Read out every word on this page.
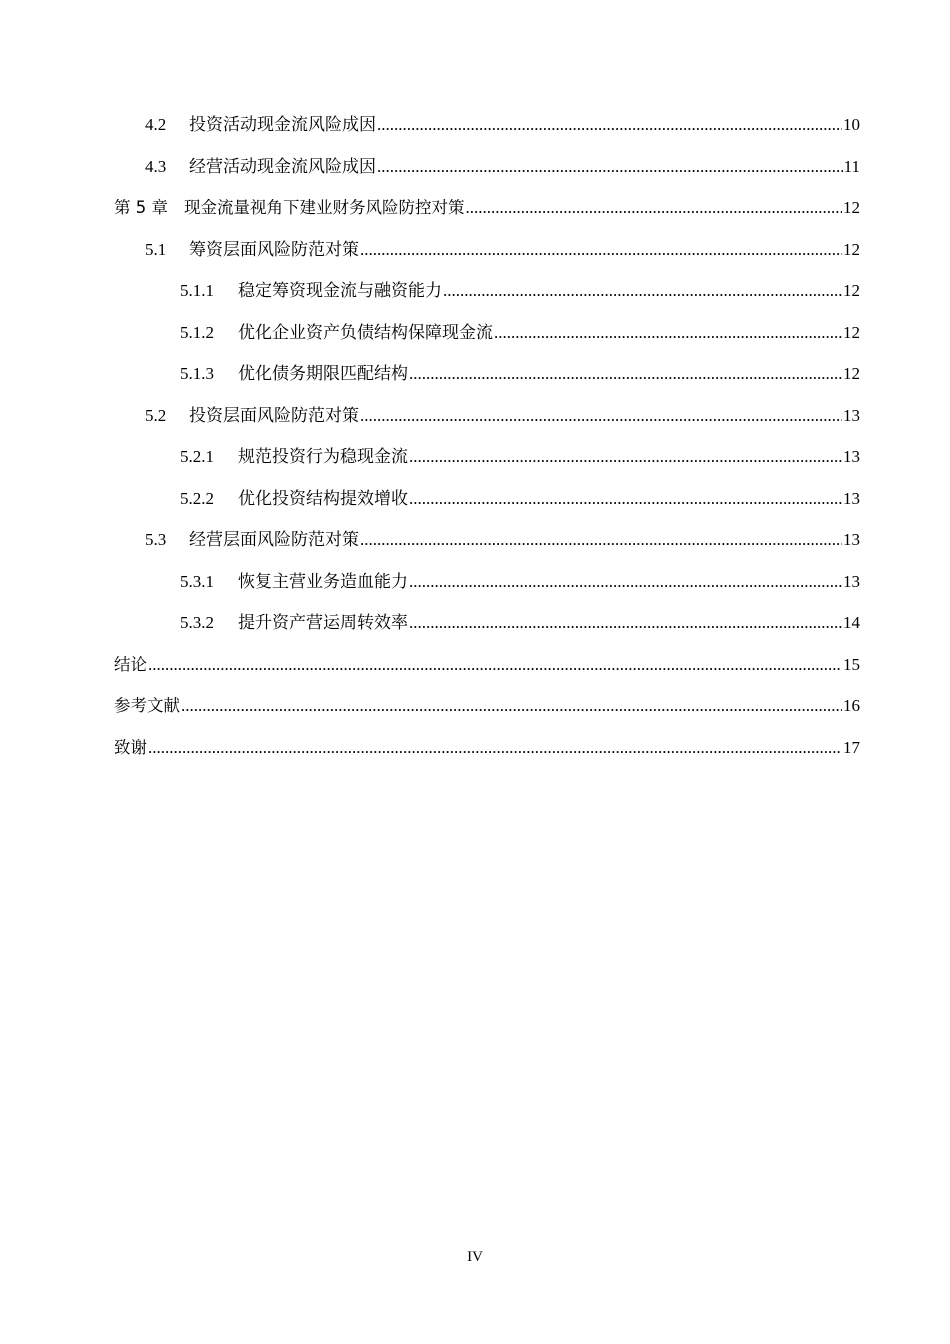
4.2 投资活动现金流风险成因 .....	10
4.3 经营活动现金流风险成因 .....	11
第 5 章 现金流量视角下建业财务风险防控对策 .....	12
5.1 筹资层面风险防范对策 .....	12
5.1.1 稳定筹资现金流与融资能力 .....	12
5.1.2 优化企业资产负债结构保障现金流 .....	12
5.1.3 优化债务期限匹配结构 .....	12
5.2 投资层面风险防范对策 .....	13
5.2.1 规范投资行为稳现金流 .....	13
5.2.2 优化投资结构提效增收 .....	13
5.3 经营层面风险防范对策 .....	13
5.3.1 恢复主营业务造血能力 .....	13
5.3.2 提升资产营运周转效率 .....	14
结论 .....	15
参考文献 .....	16
致谢 .....	17
IV
